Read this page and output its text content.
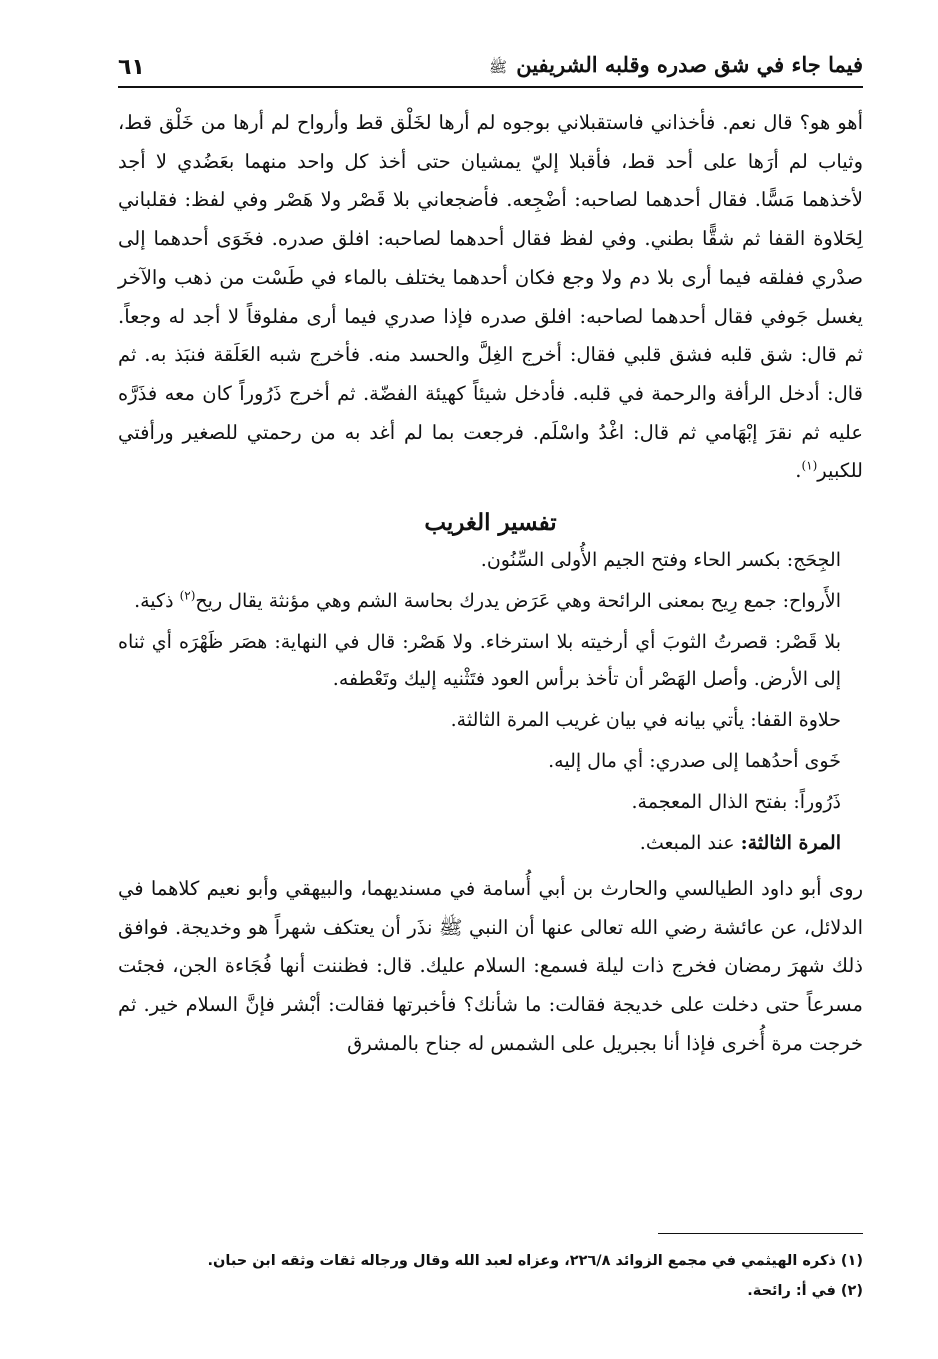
فيما جاء في شق صدره وقلبه الشريفين ﷺ
٦١
أهو هو؟ قال نعم. فأخذاني فاستقبلاني بوجوه لم أرها لخَلْق قط وأرواح لم أرها من خَلْق قط، وثياب لم أرَها على أحد قط، فأقبلا إليّ يمشيان حتى أخذ كل واحد منهما بعَضُدي لا أجد لأخذهما مَسًّا. فقال أحدهما لصاحبه: أضْجِعه. فأضجعاني بلا قَصْر ولا هَصْر وفي لفظ: فقلباني لِحَلاوة القفا ثم شقًّا بطني. وفي لفظ فقال أحدهما لصاحبه: افلق صدره. فخَوَى أحدهما إلى صدْري ففلقه فيما أرى بلا دم ولا وجع فكان أحدهما يختلف بالماء في طَسْت من ذهب والآخر يغسل جَوفي فقال أحدهما لصاحبه: افلق صدره فإذا صدري فيما أرى مفلوقاً لا أجد له وجعاً. ثم قال: شق قلبه فشق قلبي فقال: أخرج الغِلَّ والحسد منه. فأخرج شبه العَلَقة فنبَذ به. ثم قال: أدخل الرأفة والرحمة في قلبه. فأدخل شيئاً كهيئة الفضّة. ثم أخرج ذَرُوراً كان معه فذَرَّه عليه ثم نقرَ إبْهَامي ثم قال: اغْدُ واسْلَم. فرجعت بما لم أغد به من رحمتي للصغير ورأفتي للكبير$^{(١)}$.
تفسير الغريب

الجِحَج: بكسر الحاء وفتح الجيم الأُولى السِّنُون.

الأَرواح: جمع رِيح بمعنى الرائحة وهي عَرَض يدرك بحاسة الشم وهي مؤنثة يقال ريح$^{(٢)}$ ذكية.

بلا قَصْر: قصرتُ الثوبَ أي أرخيته بلا استرخاء. ولا هَصْر: قال في النهاية: هصَر ظَهْرَه أي ثناه إلى الأرض. وأصل الهَصْر أن تأخذ برأس العود فتَثْنيه إليك وتَعْطفه.

حلاوة القفا: يأتي بيانه في بيان غريب المرة الثالثة.

خَوى أحدُهما إلى صدري: أي مال إليه.

ذَرُوراً: بفتح الذال المعجمة.

المرة الثالثة: عند المبعث.

روى أبو داود الطيالسي والحارث بن أبي أُسامة في مسنديهما، والبيهقي وأبو نعيم كلاهما في الدلائل، عن عائشة رضي الله تعالى عنها أن النبي ﷺ نذَر أن يعتكف شهراً هو وخديجة. فوافق ذلك شهرَ رمضان فخرج ذات ليلة فسمع: السلام عليك. قال: فظننت أنها فُجَاءة الجن، فجئت مسرعاً حتى دخلت على خديجة فقالت: ما شأنك؟ فأخبرتها فقالت: أبْشر فإنَّ السلام خير. ثم خرجت مرة أُخرى فإذا أنا بجبريل على الشمس له جناح بالمشرق
(١) ذكره الهيثمي في مجمع الزوائد ٢٢٦/٨، وعزاه لعبد الله وقال ورجاله ثقات وثقه ابن حبان.
(٢) في أ: رائحة.
